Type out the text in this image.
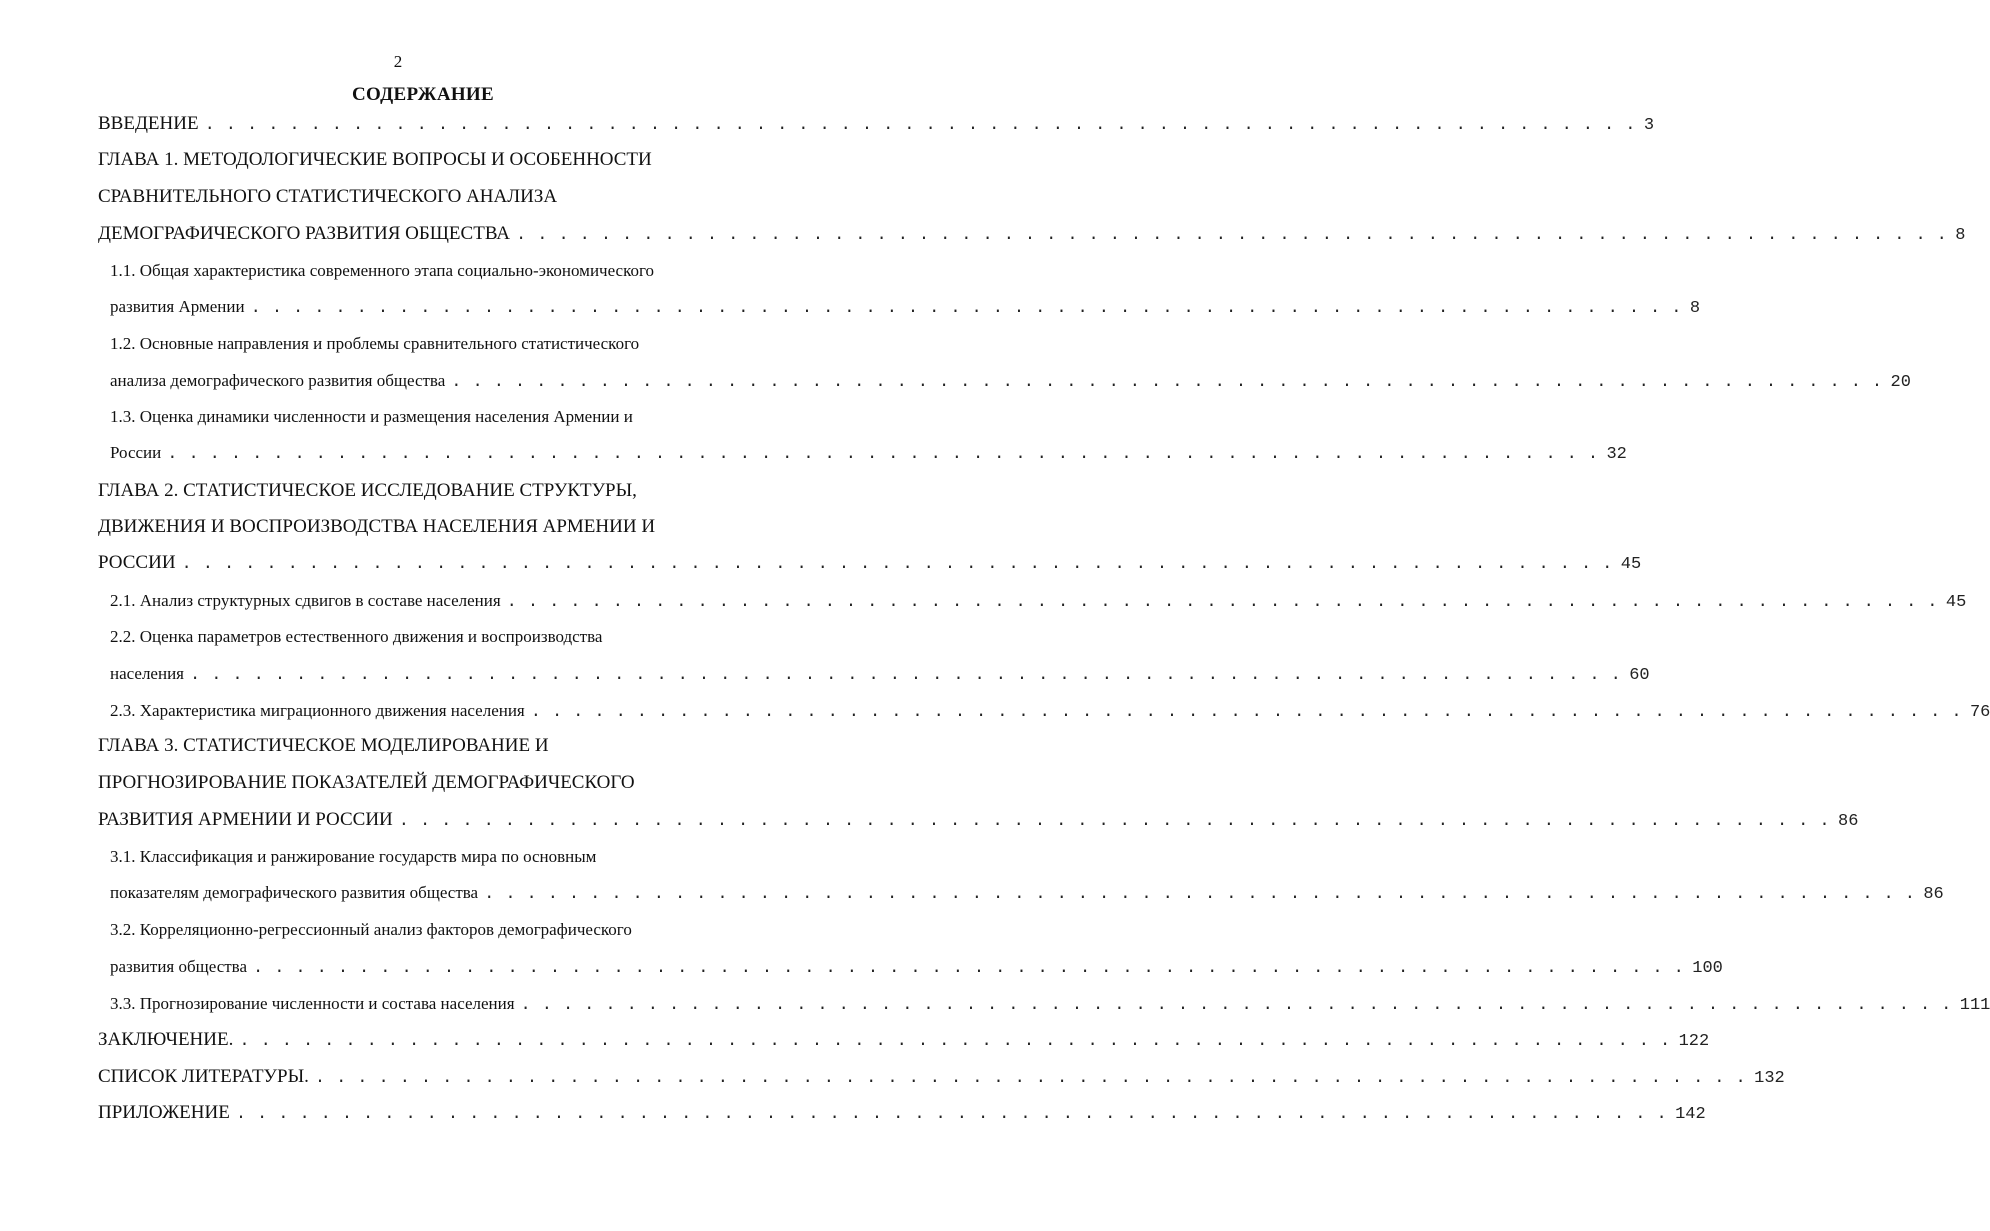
2
СОДЕРЖАНИЕ
ВВЕДЕНИЕ . . . . . . . . . . . . . . . . . . . . . . . . . . . . . . . . . . . . . . . . . . . . . . . . . . . . . . . . . . . . . . . . . . . . 3
ГЛАВА 1. МЕТОДОЛОГИЧЕСКИЕ ВОПРОСЫ И ОСОБЕННОСТИ
СРАВНИТЕЛЬНОГО СТАТИСТИЧЕСКОГО АНАЛИЗА
ДЕМОГРАФИЧЕСКОГО РАЗВИТИЯ ОБЩЕСТВА . . . . . . . . . . . . . . . . . . . . . . . . . . . . . . . . . . . . . . . . . . . . . . . . . . . . . . . . . . . . . . . . . . . . 8
1.1. Общая характеристика современного этапа социально-экономического
развития Армении . . . . . . . . . . . . . . . . . . . . . . . . . . . . . . . . . . . . . . . . . . . . . . . . . . . . . . . . . . . . . . . . . . . . 8
1.2. Основные направления и проблемы сравнительного статистического
анализа демографического развития общества . . . . . . . . . . . . . . . . . . . . . . . . . . . . . . . . . . . . . . . . . . . . . . . . . . . . . . . . . . . . . . . . . . . . 20
1.3. Оценка динамики численности и размещения населения Армении и
России . . . . . . . . . . . . . . . . . . . . . . . . . . . . . . . . . . . . . . . . . . . . . . . . . . . . . . . . . . . . . . . . . . . . 32
ГЛАВА 2. СТАТИСТИЧЕСКОЕ ИССЛЕДОВАНИЕ СТРУКТУРЫ,
ДВИЖЕНИЯ И ВОСПРОИЗВОДСТВА НАСЕЛЕНИЯ АРМЕНИИ И
РОССИИ . . . . . . . . . . . . . . . . . . . . . . . . . . . . . . . . . . . . . . . . . . . . . . . . . . . . . . . . . . . . . . . . . . . . 45
2.1. Анализ структурных сдвигов в составе населения . . . . . . . . . . . . . . . . . . . . . . . . . . . . . . . . . . . . . . . . . . . . . . . . . . . . . . . . . . . . . . . . . . . . 45
2.2. Оценка параметров естественного движения и воспроизводства
населения . . . . . . . . . . . . . . . . . . . . . . . . . . . . . . . . . . . . . . . . . . . . . . . . . . . . . . . . . . . . . . . . . . . . 60
2.3. Характеристика миграционного движения населения . . . . . . . . . . . . . . . . . . . . . . . . . . . . . . . . . . . . . . . . . . . . . . . . . . . . . . . . . . . . . . . . . . . . 76
ГЛАВА 3. СТАТИСТИЧЕСКОЕ МОДЕЛИРОВАНИЕ И
ПРОГНОЗИРОВАНИЕ ПОКАЗАТЕЛЕЙ ДЕМОГРАФИЧЕСКОГО
РАЗВИТИЯ АРМЕНИИ И РОССИИ . . . . . . . . . . . . . . . . . . . . . . . . . . . . . . . . . . . . . . . . . . . . . . . . . . . . . . . . . . . . . . . . . . . . 86
3.1. Классификация и ранжирование государств мира по основным
показателям демографического развития общества . . . . . . . . . . . . . . . . . . . . . . . . . . . . . . . . . . . . . . . . . . . . . . . . . . . . . . . . . . . . . . . . . . . . 86
3.2. Корреляционно-регрессионный анализ факторов демографического
развития общества . . . . . . . . . . . . . . . . . . . . . . . . . . . . . . . . . . . . . . . . . . . . . . . . . . . . . . . . . . . . . . . . . . . . 100
3.3. Прогнозирование численности и состава населения . . . . . . . . . . . . . . . . . . . . . . . . . . . . . . . . . . . . . . . . . . . . . . . . . . . . . . . . . . . . . . . . . . . . 111
ЗАКЛЮЧЕНИЕ. . . . . . . . . . . . . . . . . . . . . . . . . . . . . . . . . . . . . . . . . . . . . . . . . . . . . . . . . . . . . . . . . . . . . 122
СПИСОК ЛИТЕРАТУРЫ. . . . . . . . . . . . . . . . . . . . . . . . . . . . . . . . . . . . . . . . . . . . . . . . . . . . . . . . . . . . . . . . . . . . . 132
ПРИЛОЖЕНИЕ . . . . . . . . . . . . . . . . . . . . . . . . . . . . . . . . . . . . . . . . . . . . . . . . . . . . . . . . . . . . . . . . . . . . 142
